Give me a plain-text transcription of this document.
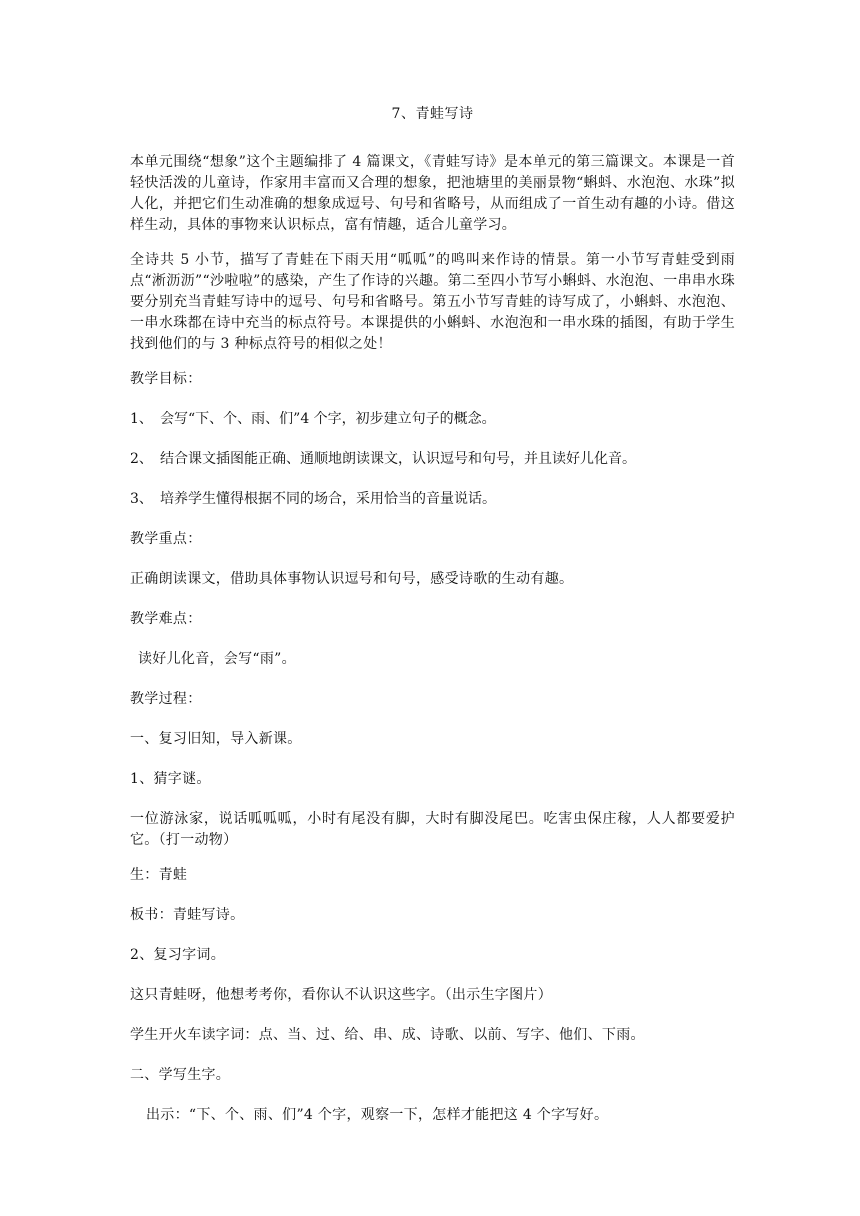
7、青蛙写诗

本单元围绕“想象”这个主题编排了 4 篇课文，《青蛙写诗》是本单元的第三篇课文。本课是一首轻快活泼的儿童诗，作家用丰富而又合理的想象，把池塘里的美丽景物“蝌蚪、水泡泡、水珠”拟人化，并把它们生动准确的想象成逗号、句号和省略号，从而组成了一首生动有趣的小诗。借这样生动，具体的事物来认识标点，富有情趣，适合儿童学习。

全诗共 5 小节，描写了青蛙在下雨天用“呱呱”的鸣叫来作诗的情景。第一小节写青蛙受到雨点“淅沥沥”“沙啦啦”的感染，产生了作诗的兴趣。第二至四小节写小蝌蚪、水泡泡、一串串水珠要分别充当青蛙写诗中的逗号、句号和省略号。第五小节写青蛙的诗写成了，小蝌蚪、水泡泡、一串水珠都在诗中充当的标点符号。本课提供的小蝌蚪、水泡泡和一串水珠的插图，有助于学生找到他们的与 3 种标点符号的相似之处！

教学目标：

1、 会写“下、个、雨、们”4 个字，初步建立句子的概念。
2、 结合课文插图能正确、通顺地朗读课文，认识逗号和句号，并且读好儿化音。
3、 培养学生懂得根据不同的场合，采用恰当的音量说话。

教学重点：

正确朗读课文，借助具体事物认识逗号和句号，感受诗歌的生动有趣。

教学难点：

读好儿化音，会写“雨”。

教学过程：

一、复习旧知，导入新课。

1、猜字谜。

一位游泳家，说话呱呱呱，小时有尾没有脚，大时有脚没尾巴。吃害虫保庄稼，人人都要爱护它。（打一动物）

生：青蛙

板书：青蛙写诗。

2、复习字词。

这只青蛙呀，他想考考你，看你认不认识这些字。（出示生字图片）

学生开火车读字词：点、当、过、给、串、成、诗歌、以前、写字、他们、下雨。

二、学写生字。

出示：“下、个、雨、们”4 个字，观察一下，怎样才能把这 4 个字写好。
